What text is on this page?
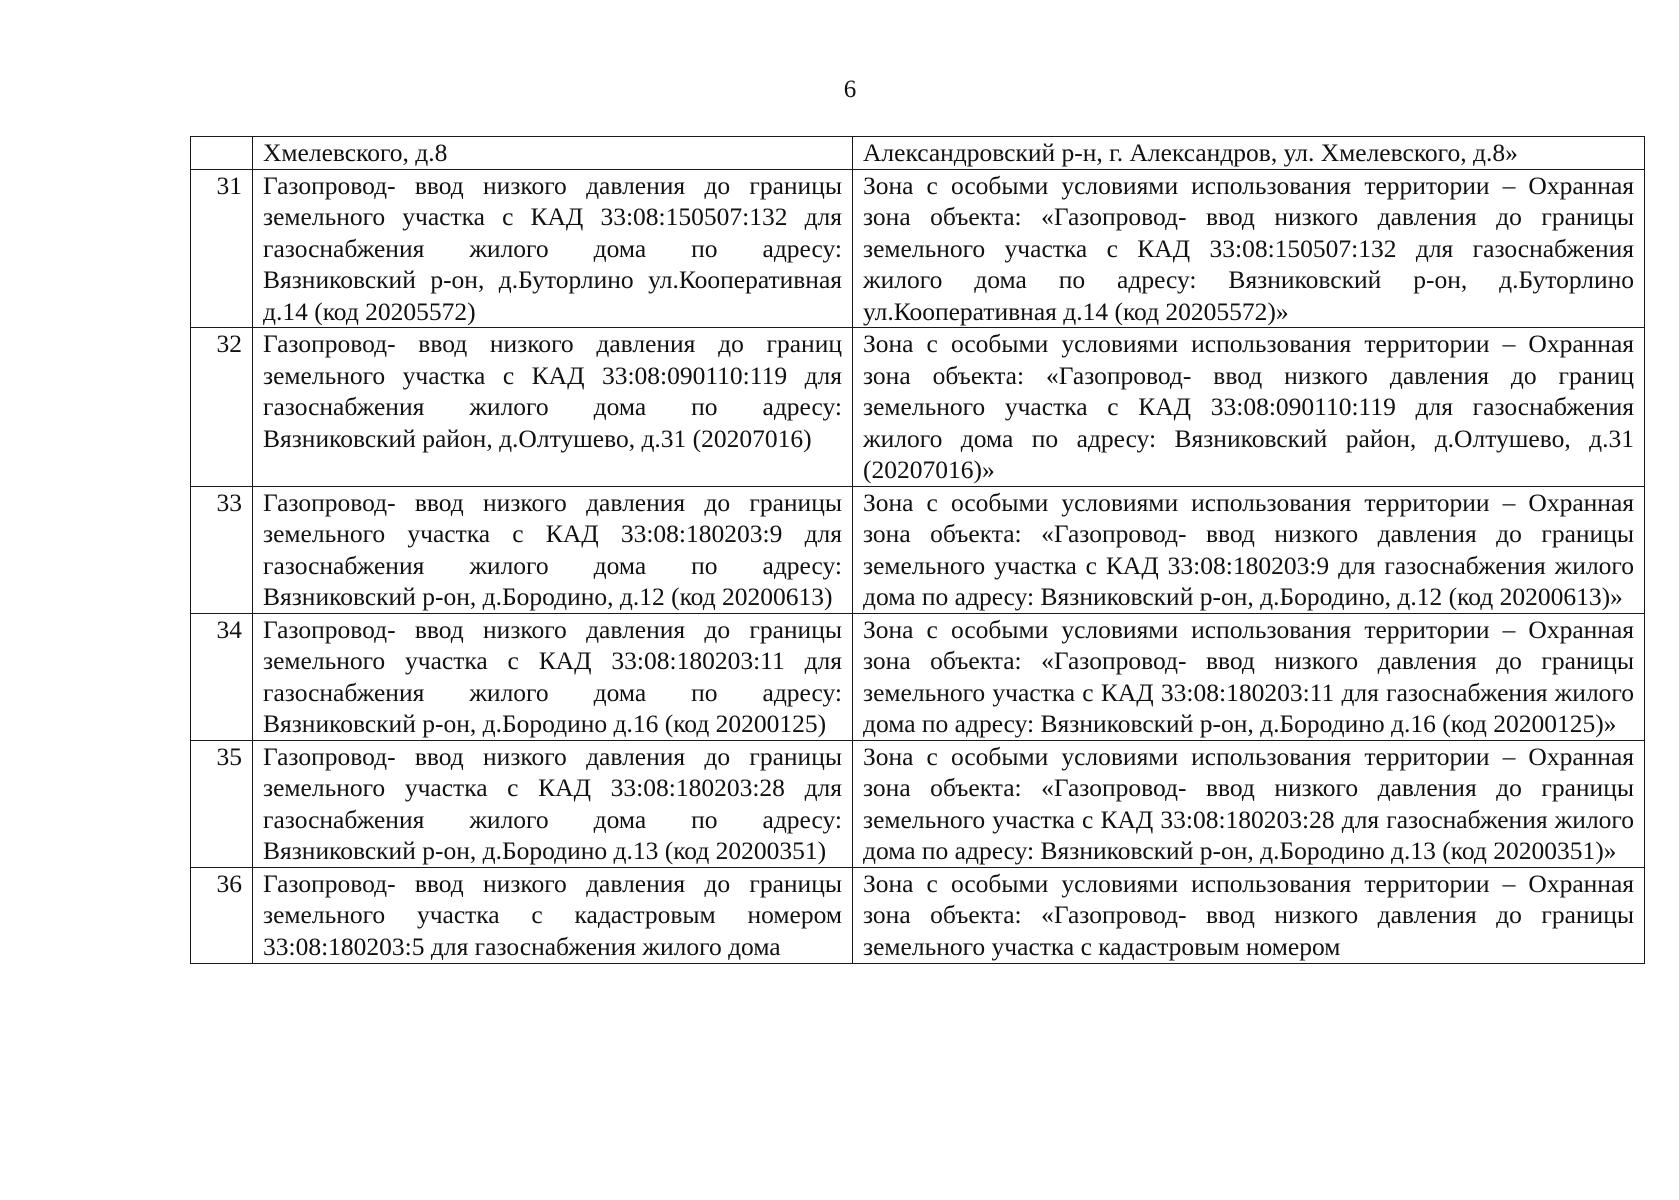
6
	Хмелевского, д.8	Александровский р-н, г. Александров, ул. Хмелевского, д.8»
31	Газопровод- ввод низкого давления до границы земельного участка с КАД 33:08:150507:132 для газоснабжения жилого дома по адресу: Вязниковский р-он, д.Буторлино ул.Кооперативная д.14 (код 20205572)	Зона с особыми условиями использования территории – Охранная зона объекта: «Газопровод- ввод низкого давления до границы земельного участка с КАД 33:08:150507:132 для газоснабжения жилого дома по адресу: Вязниковский р-он, д.Буторлино ул.Кооперативная д.14 (код 20205572)»
32	Газопровод- ввод низкого давления до границ земельного участка с КАД 33:08:090110:119 для газоснабжения жилого дома по адресу: Вязниковский район, д.Олтушево, д.31 (20207016)	Зона с особыми условиями использования территории – Охранная зона объекта: «Газопровод- ввод низкого давления до границ земельного участка с КАД 33:08:090110:119 для газоснабжения жилого дома по адресу: Вязниковский район, д.Олтушево, д.31 (20207016)»
33	Газопровод- ввод низкого давления до границы земельного участка с КАД 33:08:180203:9 для газоснабжения жилого дома по адресу: Вязниковский р-он, д.Бородино, д.12 (код 20200613)	Зона с особыми условиями использования территории – Охранная зона объекта: «Газопровод- ввод низкого давления до границы земельного участка с КАД 33:08:180203:9 для газоснабжения жилого дома по адресу: Вязниковский р-он, д.Бородино, д.12 (код 20200613)»
34	Газопровод- ввод низкого давления до границы земельного участка с КАД 33:08:180203:11 для газоснабжения жилого дома по адресу: Вязниковский р-он, д.Бородино д.16 (код 20200125)	Зона с особыми условиями использования территории – Охранная зона объекта: «Газопровод- ввод низкого давления до границы земельного участка с КАД 33:08:180203:11 для газоснабжения жилого дома по адресу: Вязниковский р-он, д.Бородино д.16 (код 20200125)»
35	Газопровод- ввод низкого давления до границы земельного участка с КАД 33:08:180203:28 для газоснабжения жилого дома по адресу: Вязниковский р-он, д.Бородино д.13 (код 20200351)	Зона с особыми условиями использования территории – Охранная зона объекта: «Газопровод- ввод низкого давления до границы земельного участка с КАД 33:08:180203:28 для газоснабжения жилого дома по адресу: Вязниковский р-он, д.Бородино д.13 (код 20200351)»
36	Газопровод- ввод низкого давления до границы земельного участка с кадастровым номером 33:08:180203:5 для газоснабжения жилого дома	Зона с особыми условиями использования территории – Охранная зона объекта: «Газопровод- ввод низкого давления до границы земельного участка с кадастровым номером
